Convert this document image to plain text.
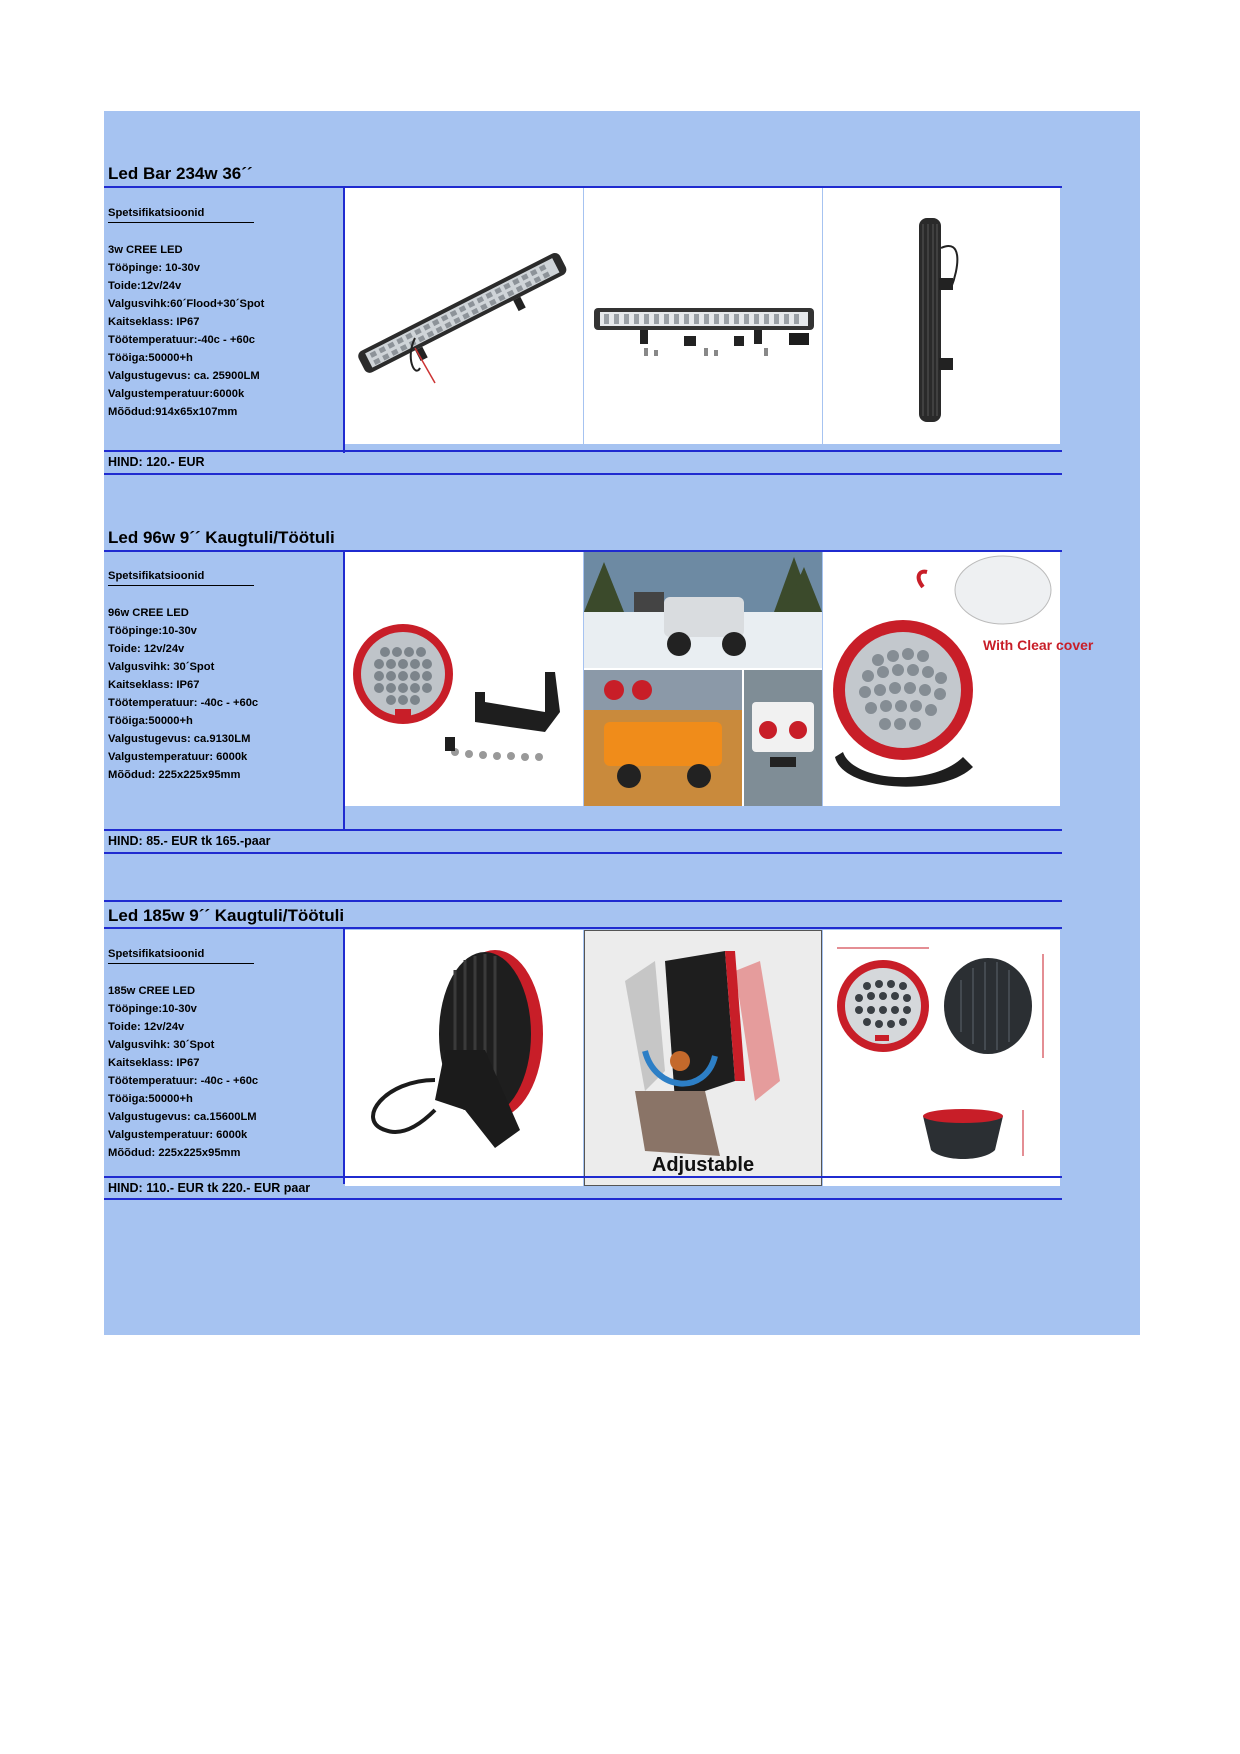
Led Bar 234w 36´´
Spetsifikatsioonid
3w CREE LED
Tööpinge: 10-30v
Toide:12v/24v
Valgusvihk:60´Flood+30´Spot
Kaitseklass: IP67
Töötemperatuur:-40c - +60c
Tööiga:50000+h
Valgustugevus: ca. 25900LM
Valgustemperatuur:6000k
Mõõdud:914x65x107mm
HIND: 120.- EUR
Led 96w 9´´ Kaugtuli/Töötuli
Spetsifikatsioonid
96w CREE LED
Tööpinge:10-30v
Toide: 12v/24v
Valgusvihk: 30´Spot
Kaitseklass: IP67
Töötemperatuur: -40c - +60c
Tööiga:50000+h
Valgustugevus: ca.9130LM
Valgustemperatuur: 6000k
Mõõdud: 225x225x95mm
With Clear cover
HIND: 85.- EUR tk 165.-paar
Led 185w 9´´ Kaugtuli/Töötuli
Spetsifikatsioonid
185w CREE LED
Tööpinge:10-30v
Toide: 12v/24v
Valgusvihk: 30´Spot
Kaitseklass: IP67
Töötemperatuur: -40c - +60c
Tööiga:50000+h
Valgustugevus: ca.15600LM
Valgustemperatuur: 6000k
Mõõdud: 225x225x95mm
Adjustable
HIND: 110.- EUR tk 220.- EUR paar
